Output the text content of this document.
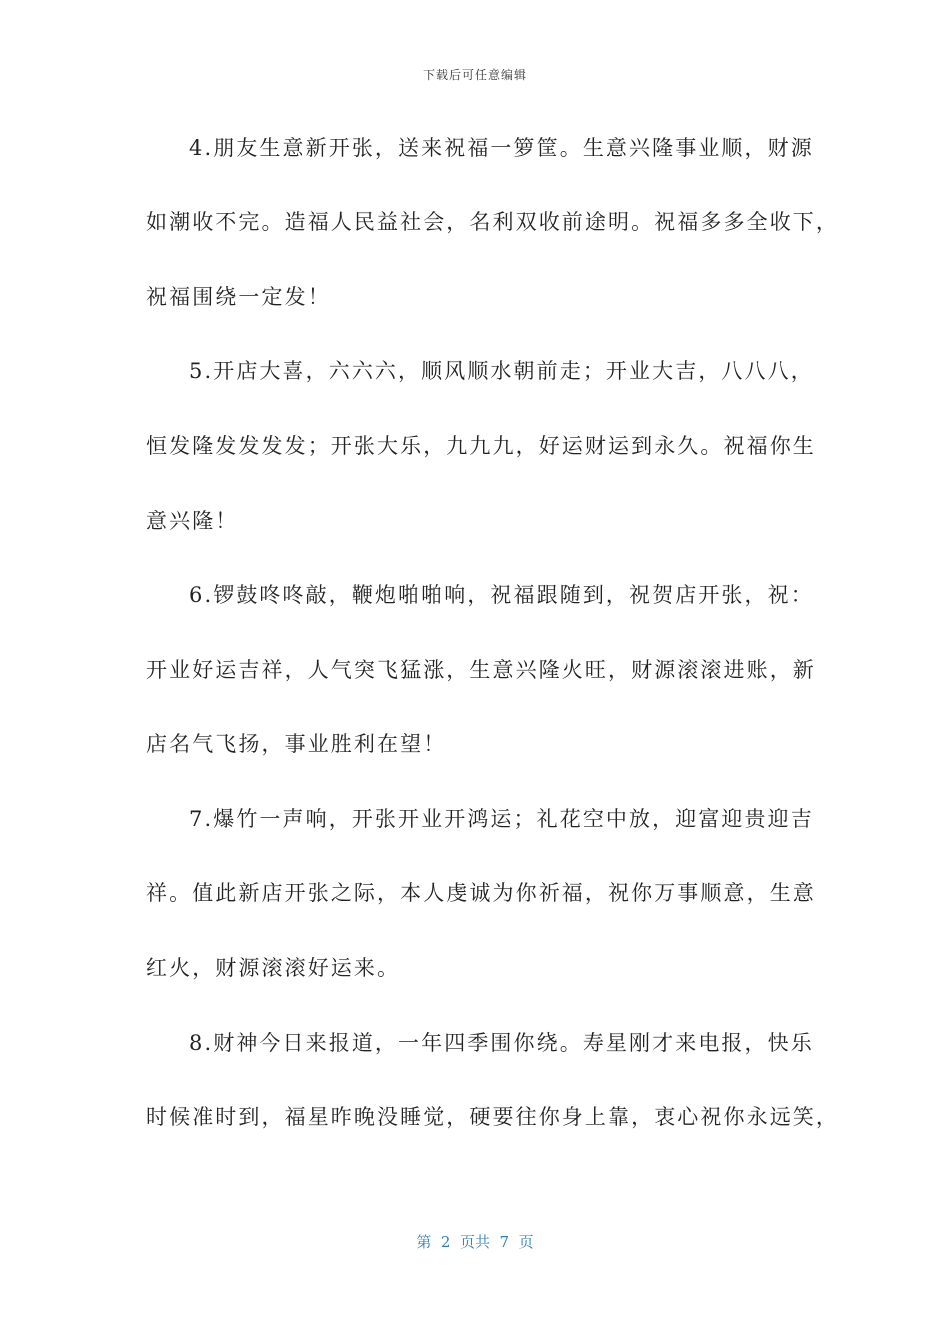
下载后可任意编辑
4.朋友生意新开张，送来祝福一箩筐。生意兴隆事业顺，财源
如潮收不完。造福人民益社会，名利双收前途明。祝福多多全收下，
祝福围绕一定发！
5.开店大喜，六六六，顺风顺水朝前走；开业大吉，八八八，
恒发隆发发发发；开张大乐，九九九，好运财运到永久。祝福你生
意兴隆！
6.锣鼓咚咚敲，鞭炮啪啪响，祝福跟随到，祝贺店开张，祝：
开业好运吉祥，人气突飞猛涨，生意兴隆火旺，财源滚滚进账，新
店名气飞扬，事业胜利在望！
7.爆竹一声响，开张开业开鸿运；礼花空中放，迎富迎贵迎吉
祥。值此新店开张之际，本人虔诚为你祈福，祝你万事顺意，生意
红火，财源滚滚好运来。
8.财神今日来报道，一年四季围你绕。寿星刚才来电报，快乐
时候准时到，福星昨晚没睡觉，硬要往你身上靠，衷心祝你永远笑，
第  2  页共  7  页
